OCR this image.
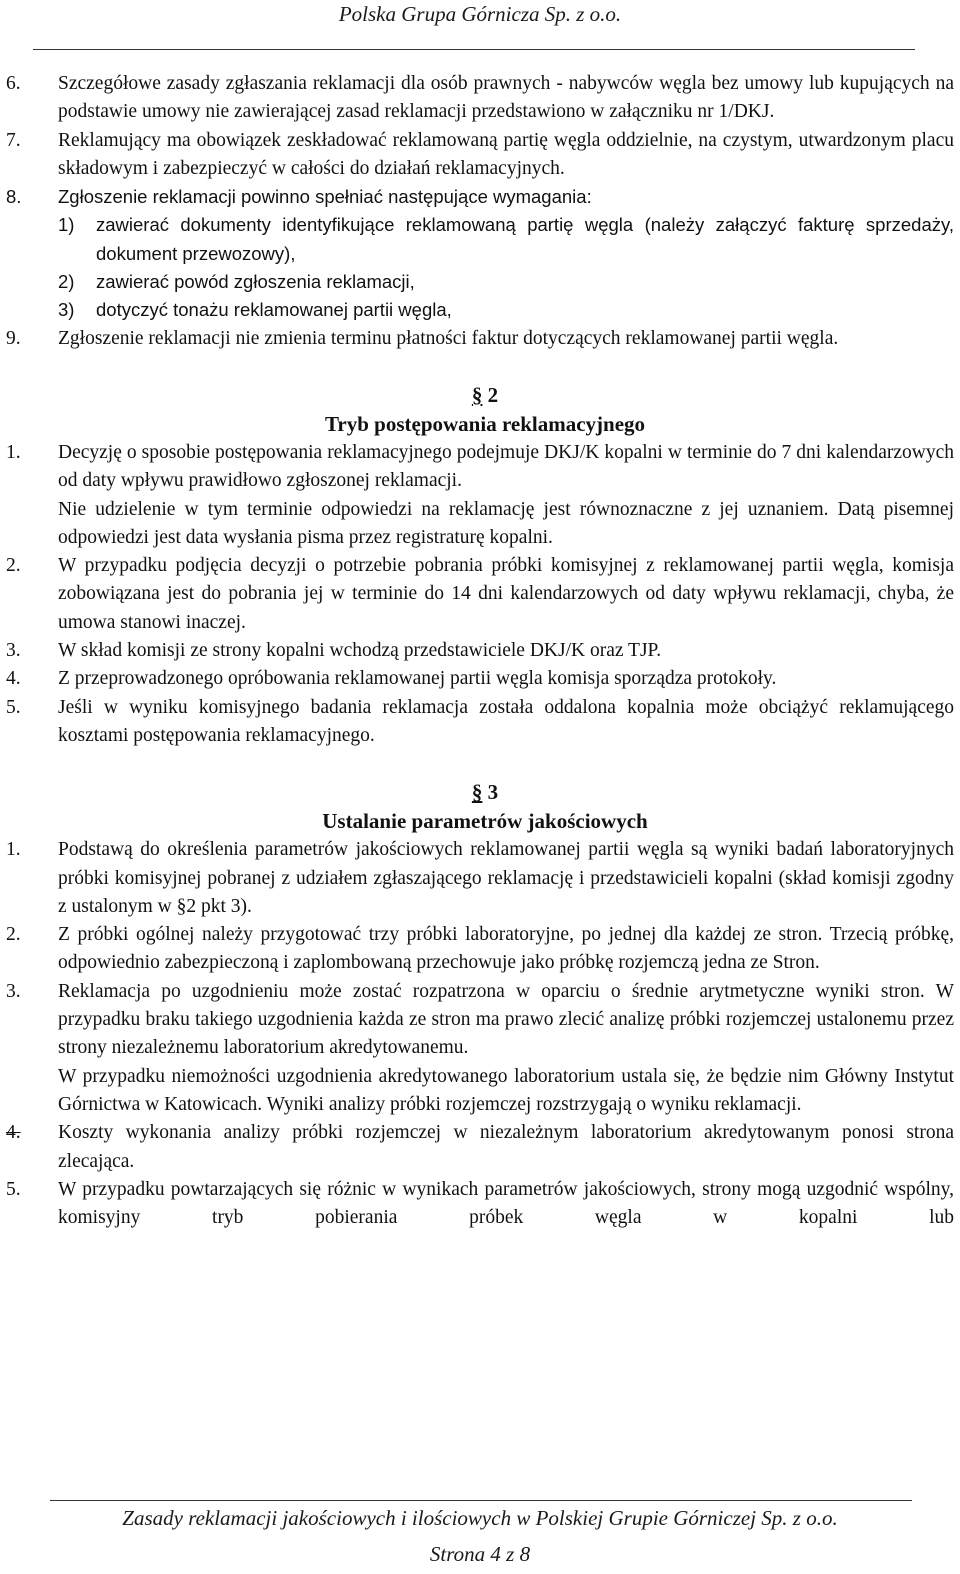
Polska Grupa Górnicza Sp. z o.o.
6.	Szczegółowe zasady zgłaszania reklamacji dla osób prawnych - nabywców węgla bez umowy lub kupujących na podstawie umowy nie zawierającej zasad reklamacji przedstawiono w załączniku nr 1/DKJ.
7.	Reklamujący ma obowiązek zeskładować reklamowaną partię węgla oddzielnie, na czystym, utwardzonym placu składowym i zabezpieczyć w całości do działań reklamacyjnych.
8.	Zgłoszenie reklamacji powinno spełniać następujące wymagania:
1)	zawierać dokumenty identyfikujące reklamowaną partię węgla (należy załączyć fakturę sprzedaży, dokument przewozowy),
2)	zawierać powód zgłoszenia reklamacji,
3)	dotyczyć tonażu reklamowanej partii węgla,
9.	Zgłoszenie reklamacji nie zmienia terminu płatności faktur dotyczących reklamowanej partii węgla.
§ 2
Tryb postępowania reklamacyjnego
1.	Decyzję o sposobie postępowania reklamacyjnego podejmuje DKJ/K kopalni w terminie do 7 dni kalendarzowych od daty wpływu prawidłowo zgłoszonej reklamacji.
Nie udzielenie w tym terminie odpowiedzi na reklamację jest równoznaczne z jej uznaniem. Datą pisemnej odpowiedzi jest data wysłania pisma przez registraturę kopalni.
2.	W przypadku podjęcia decyzji o potrzebie pobrania próbki komisyjnej z reklamowanej partii węgla, komisja zobowiązana jest do pobrania jej w terminie do 14 dni kalendarzowych od daty wpływu reklamacji, chyba, że umowa stanowi inaczej.
3.	W skład komisji ze strony kopalni wchodzą przedstawiciele DKJ/K oraz TJP.
4.	Z przeprowadzonego opróbowania reklamowanej partii węgla komisja sporządza protokoły.
5.	Jeśli w wyniku komisyjnego badania reklamacja została oddalona kopalnia może obciążyć reklamującego kosztami postępowania reklamacyjnego.
§ 3
Ustalanie parametrów jakościowych
1.	Podstawą do określenia parametrów jakościowych reklamowanej partii węgla są wyniki badań laboratoryjnych próbki komisyjnej pobranej z udziałem zgłaszającego reklamację i przedstawicieli kopalni (skład komisji zgodny z ustalonym w §2 pkt 3).
2.	Z próbki ogólnej należy przygotować trzy próbki laboratoryjne, po jednej dla każdej ze stron. Trzecią próbkę, odpowiednio zabezpieczoną i zaplombowaną przechowuje jako próbkę rozjemczą jedna ze Stron.
3.	Reklamacja po uzgodnieniu może zostać rozpatrzona w oparciu o średnie arytmetyczne wyniki stron. W przypadku braku takiego uzgodnienia każda ze stron ma prawo zlecić analizę próbki rozjemczej ustalonemu przez strony niezależnemu laboratorium akredytowanemu.
W przypadku niemożności uzgodnienia akredytowanego laboratorium ustala się, że będzie nim Główny Instytut Górnictwa w Katowicach. Wyniki analizy próbki rozjemczej rozstrzygają o wyniku reklamacji.
4.	Koszty wykonania analizy próbki rozjemczej w niezależnym laboratorium akredytowanym ponosi strona zlecająca.
5.	W przypadku powtarzających się różnic w wynikach parametrów jakościowych, strony mogą uzgodnić wspólny, komisyjny tryb pobierania próbek węgla w kopalni lub
Zasady reklamacji jakościowych i ilościowych w Polskiej Grupie Górniczej Sp. z o.o.
Strona 4 z 8
